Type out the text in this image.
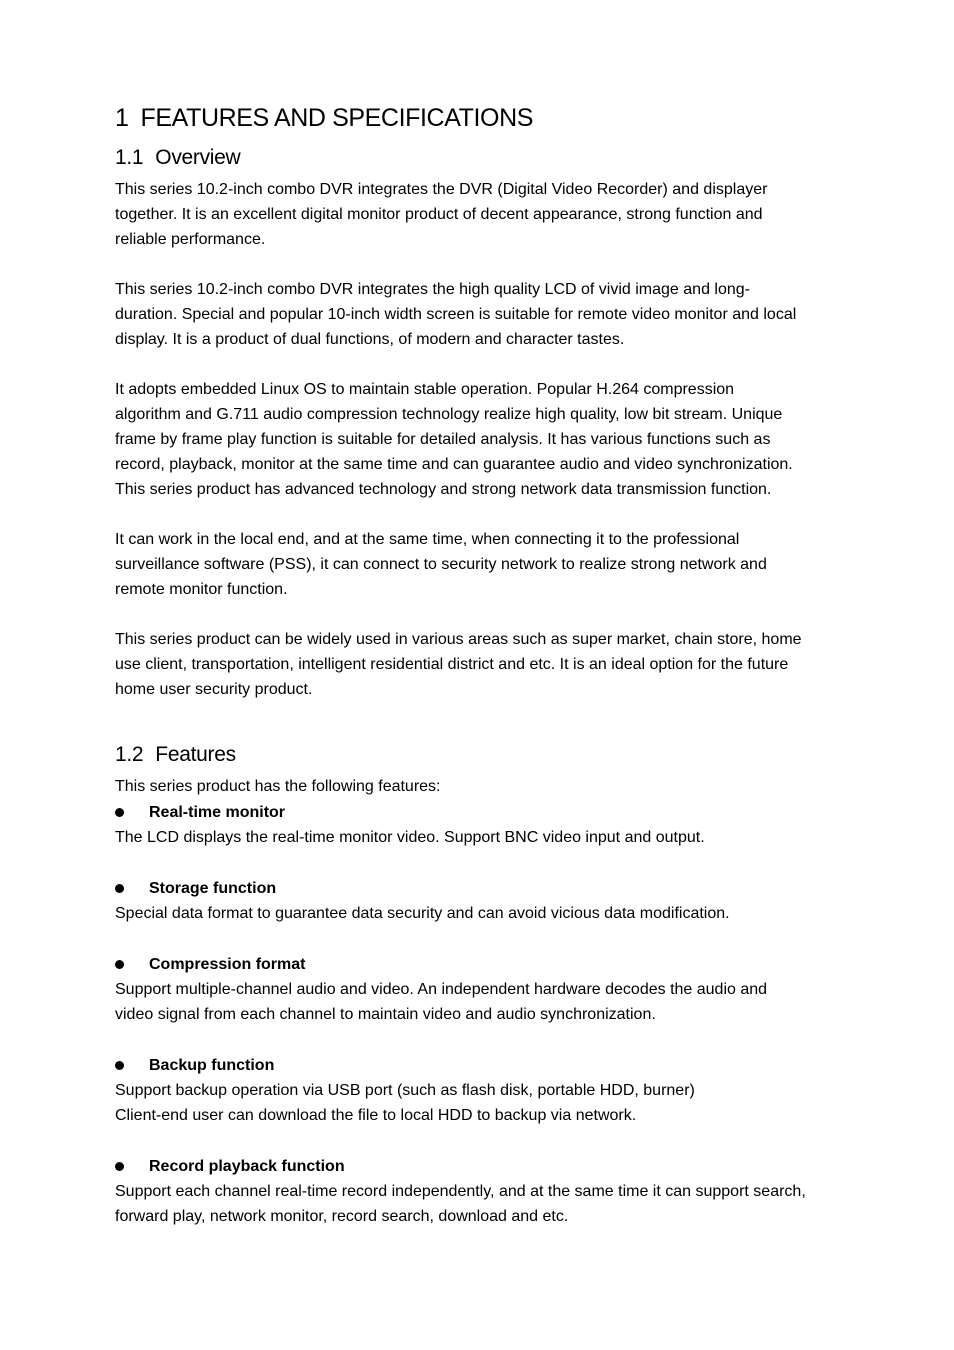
1 FEATURES AND SPECIFICATIONS
1.1 Overview

This series 10.2-inch combo DVR integrates the DVR (Digital Video Recorder) and displayer
together. It is an excellent digital monitor product of decent appearance, strong function and
reliable performance.

This series 10.2-inch combo DVR integrates the high quality LCD of vivid image and long-
duration. Special and popular 10-inch width screen is suitable for remote video monitor and local
display. It is a product of dual functions, of modern and character tastes.

It adopts embedded Linux OS to maintain stable operation. Popular H.264 compression
algorithm and G.711 audio compression technology realize high quality, low bit stream. Unique
frame by frame play function is suitable for detailed analysis. It has various functions such as
record, playback, monitor at the same time and can guarantee audio and video synchronization.
This series product has advanced technology and strong network data transmission function.

It can work in the local end, and at the same time, when connecting it to the professional
surveillance software (PSS), it can connect to security network to realize strong network and
remote monitor function.

This series product can be widely used in various areas such as super market, chain store, home
use client, transportation, intelligent residential district and etc. It is an ideal option for the future
home user security product.

1.2 Features

This series product has the following features:

Real-time monitor

The LCD displays the real-time monitor video. Support BNC video input and output.

Storage function

Special data format to guarantee data security and can avoid vicious data modification.

Compression format

Support multiple-channel audio and video. An independent hardware decodes the audio and
video signal from each channel to maintain video and audio synchronization.

Backup function

Support backup operation via USB port (such as flash disk, portable HDD, burner)
Client-end user can download the file to local HDD to backup via network.

Record playback function

Support each channel real-time record independently, and at the same time it can support search,
forward play, network monitor, record search, download and etc.
